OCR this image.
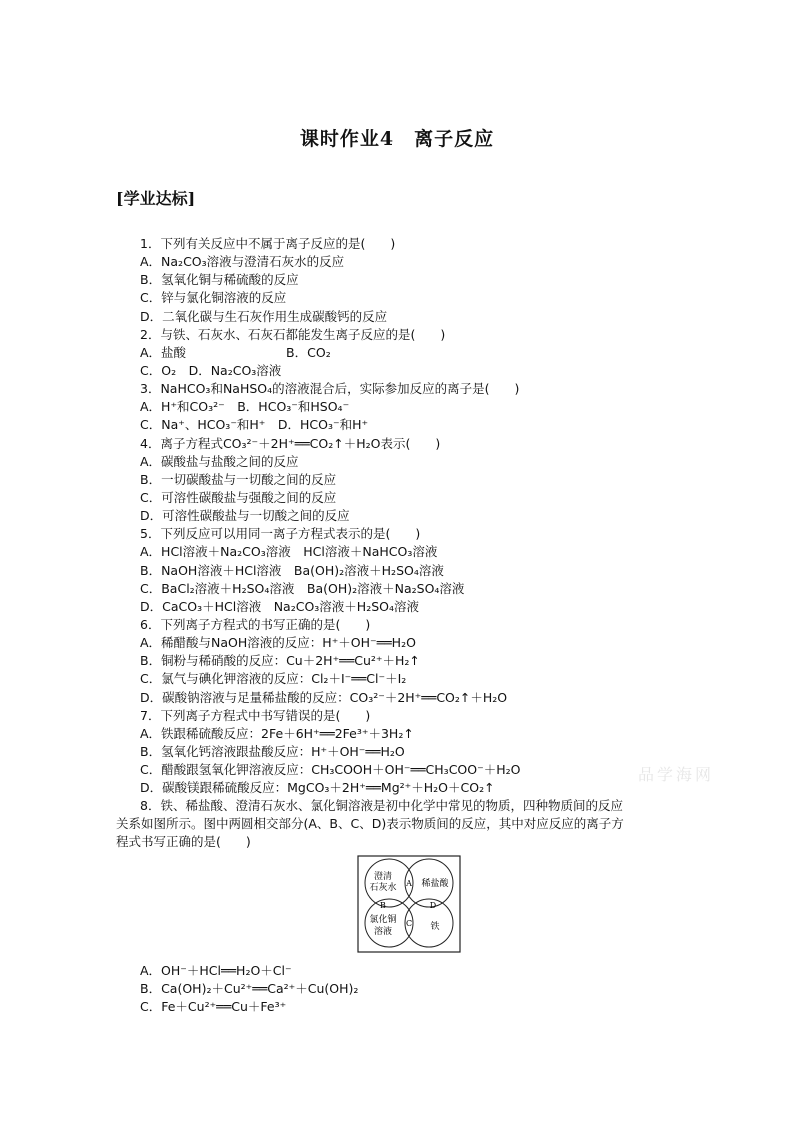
课时作业4　离子反应
[学业达标]
1．下列有关反应中不属于离子反应的是(　　)
A．Na₂CO₃溶液与澄清石灰水的反应
B．氢氧化铜与稀硫酸的反应
C．锌与氯化铜溶液的反应
D．二氧化碳与生石灰作用生成碳酸钙的反应
2．与铁、石灰水、石灰石都能发生离子反应的是(　　)
A．盐酸　　　　　　　　B．CO₂
C．O₂　D．Na₂CO₃溶液
3．NaHCO₃和NaHSO₄的溶液混合后，实际参加反应的离子是(　　)
A．H⁺和CO₃²⁻　B．HCO₃⁻和HSO₄⁻
C．Na⁺、HCO₃⁻和H⁺　D．HCO₃⁻和H⁺
4．离子方程式CO₃²⁻＋2H⁺══CO₂↑＋H₂O表示(　　)
A．碳酸盐与盐酸之间的反应
B．一切碳酸盐与一切酸之间的反应
C．可溶性碳酸盐与强酸之间的反应
D．可溶性碳酸盐与一切酸之间的反应
5．下列反应可以用同一离子方程式表示的是(　　)
A．HCl溶液＋Na₂CO₃溶液　HCl溶液＋NaHCO₃溶液
B．NaOH溶液＋HCl溶液　Ba(OH)₂溶液＋H₂SO₄溶液
C．BaCl₂溶液＋H₂SO₄溶液　Ba(OH)₂溶液＋Na₂SO₄溶液
D．CaCO₃＋HCl溶液　Na₂CO₃溶液＋H₂SO₄溶液
6．下列离子方程式的书写正确的是(　　)
A．稀醋酸与NaOH溶液的反应：H⁺＋OH⁻══H₂O
B．铜粉与稀硝酸的反应：Cu＋2H⁺══Cu²⁺＋H₂↑
C．氯气与碘化钾溶液的反应：Cl₂＋I⁻══Cl⁻＋I₂
D．碳酸钠溶液与足量稀盐酸的反应：CO₃²⁻＋2H⁺══CO₂↑＋H₂O
7．下列离子方程式中书写错误的是(　　)
A．铁跟稀硫酸反应：2Fe＋6H⁺══2Fe³⁺＋3H₂↑
B．氢氧化钙溶液跟盐酸反应：H⁺＋OH⁻══H₂O
C．醋酸跟氢氧化钾溶液反应：CH₃COOH＋OH⁻══CH₃COO⁻＋H₂O
D．碳酸镁跟稀硫酸反应：MgCO₃＋2H⁺══Mg²⁺＋H₂O＋CO₂↑
8．铁、稀盐酸、澄清石灰水、氯化铜溶液是初中化学中常见的物质，四种物质间的反应
关系如图所示。图中两圆相交部分(A、B、C、D)表示物质间的反应，其中对应反应的离子方
程式书写正确的是(　　)
澄清
石灰水	稀盐酸
氯化铜
溶液	铁
A
B
C
D
A．OH⁻＋HCl══H₂O＋Cl⁻
B．Ca(OH)₂＋Cu²⁺══Ca²⁺＋Cu(OH)₂
C．Fe＋Cu²⁺══Cu＋Fe³⁺
品学海网
